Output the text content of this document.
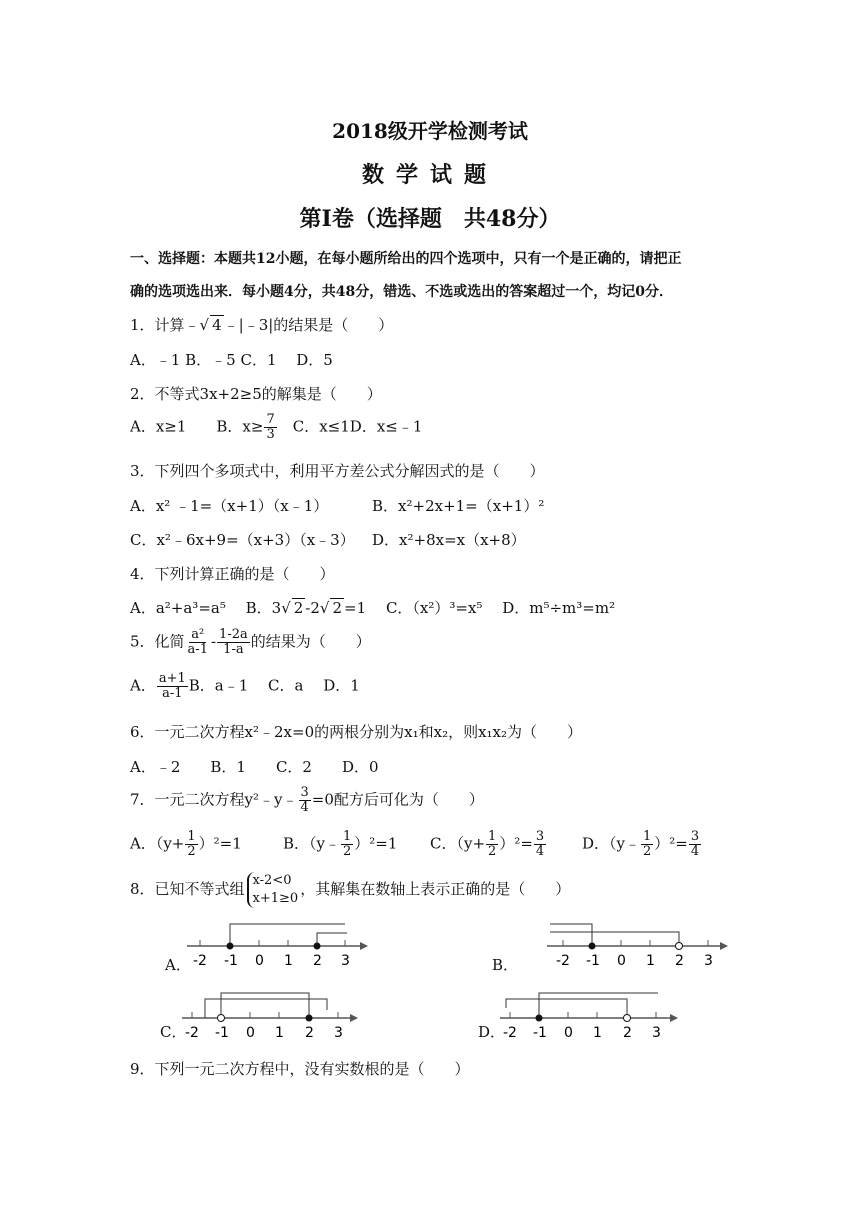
2018级开学检测考试
数学试题
第Ⅰ卷（选择题　共48分）
一、选择题：本题共12小题，在每小题所给出的四个选项中，只有一个是正确的，请把正
确的选项选出来．每小题4分，共48分，错选、不选或选出的答案超过一个，均记0分．
1．计算﹣√ 4 ﹣|﹣3|的结果是（　　）
A．﹣1 B．﹣5 C．1　 D．5
2．不等式3x+2≥5的解集是（　　）
A．x≥1　　B．$x\ge \frac{7}{3}$ 　C．x≤1D．x≤﹣1
3．下列四个多项式中，利用平方差公式分解因式的是（　　）
A．x² ﹣1=（x+1）（x﹣1）	B．x²+2x+1=（x+1）²
C．x²﹣6x+9=（x+3）（x﹣3） D．x²+8x=x（x+8）
4．下列计算正确的是（　　）
A．a²+a³=a⁵　 B．3√ 2 -2√ 2 =1　 C．（x²）³=x⁵　 D．m⁵÷m³=m²
5．化简 $\frac{\text{a²}}{a-1} - \frac{1-2a}{1-a}$ 的结果为（　　）
A． $\frac{a+1}{a-1}$ B．a﹣1　 C．a　 D．1
6．一元二次方程x²﹣2x=0的两根分别为x₁和x₂，则x₁x₂为（　　）
A．﹣2　　B．1　　C．2　　D．0
7．一元二次方程y²﹣y﹣ $\frac{3}{4} =0$配方后可化为（　　）
A．$(y+ \frac{1}{2} )^2=1$	B．（y﹣ $\frac{1}{2} )^2=1$ C．$(y+ \frac{1}{2} )^2= \frac{3}{4}$ D．（y﹣ $\frac{1}{2} )^2= \frac{3}{4}$
8．已知不等式组 x-2<0
x+1≥0
，其解集在数轴上表示正确的是（　　）
A． -2 -1 0 1 2 3	B．	-2 -1 0 1 2 3
C．
-2 -1 0 1 2 3	D．
-2 -1 0 1 2 3
9．下列一元二次方程中，没有实数根的是（　　）
